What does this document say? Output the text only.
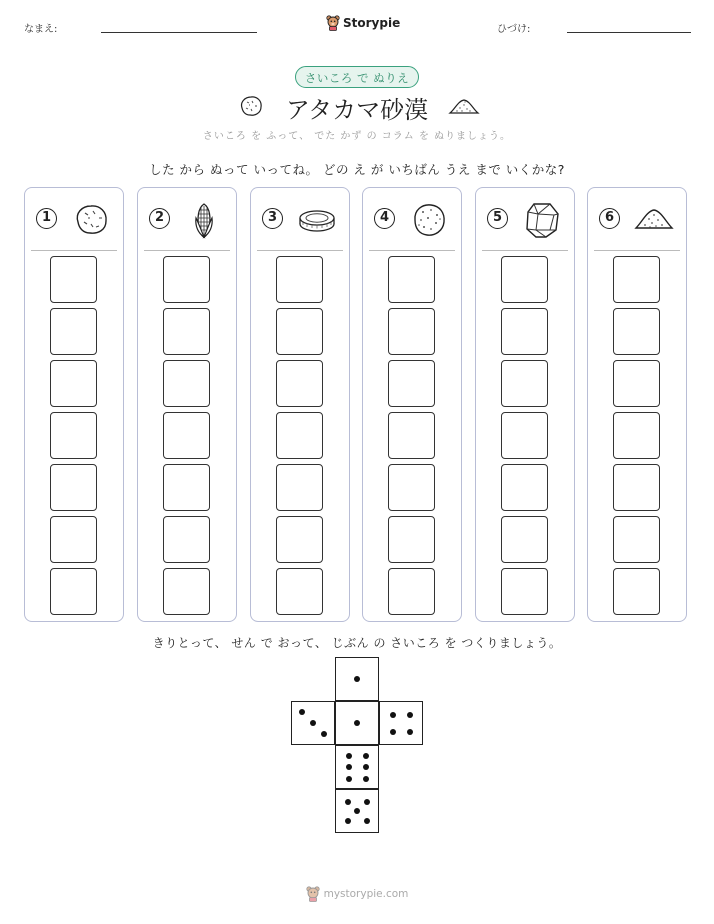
なまえ:	Storypie	ひづけ:
さいころ で ぬりえ
アタカマ砂漠
さいころ を ふって、 でた かず の コラム を ぬりましょう。
した から ぬって いってね。 どの え が いちばん うえ まで いくかな?
1	2	3	4	5	6
きりとって、 せん で おって、 じぶん の さいころ を つくりましょう。
mystorypie.com
